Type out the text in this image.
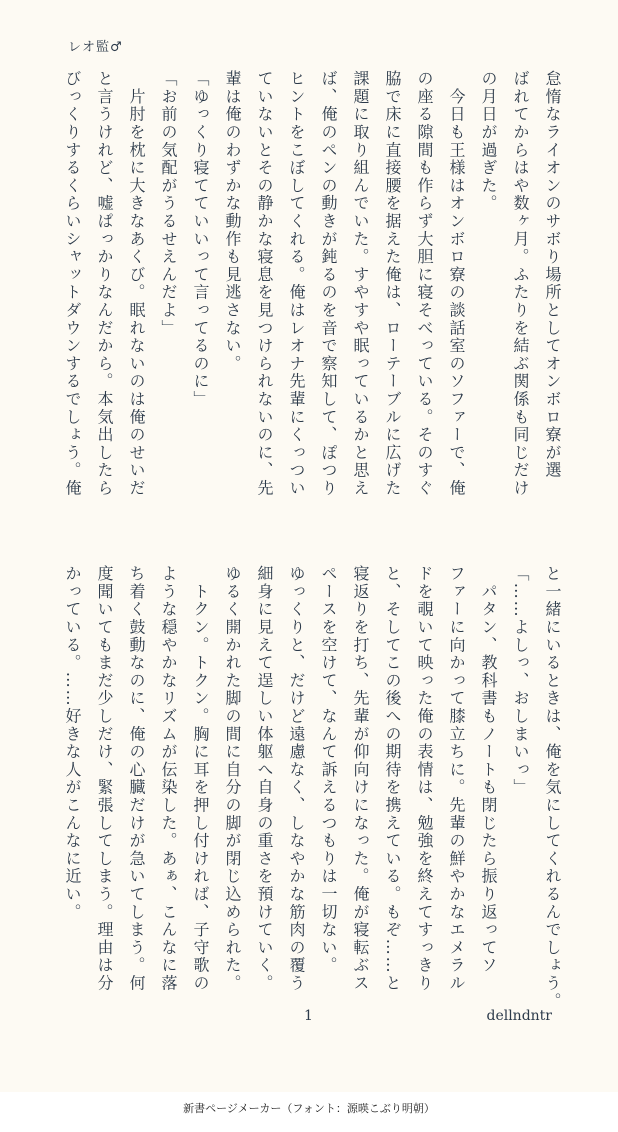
レオ監♂
怠惰なライオンのサボり場所としてオンボロ寮が選
ばれてからはや数ヶ月。ふたりを結ぶ関係も同じだけ
の月日が過ぎた。
　今日も王様はオンボロ寮の談話室のソファーで、俺
の座る隙間も作らず大胆に寝そべっている。そのすぐ
脇で床に直接腰を据えた俺は、ローテーブルに広げた
課題に取り組んでいた。すやすや眠っているかと思え
ば、俺のペンの動きが鈍るのを音で察知して、ぽつり
ヒントをこぼしてくれる。俺はレオナ先輩にくっつい
ていないとその静かな寝息を見つけられないのに、先
輩は俺のわずかな動作も見逃さない。
「ゆっくり寝てていいって言ってるのに」
「お前の気配がうるせえんだよ」
　片肘を枕に大きなあくび。眠れないのは俺のせいだ
と言うけれど、嘘ぱっかりなんだから。本気出したら
びっくりするくらいシャットダウンするでしょう。俺
と一緒にいるときは、俺を気にしてくれるんでしょう。
「……よしっ、おしまいっ」
　パタン、教科書もノートも閉じたら振り返ってソ
ファーに向かって膝立ちに。先輩の鮮やかなエメラル
ドを覗いて映った俺の表情は、勉強を終えてすっきり
と、そしてこの後への期待を携えている。もぞ……と
寝返りを打ち、先輩が仰向けになった。俺が寝転ぶス
ペースを空けて、なんて訴えるつもりは一切ない。
ゆっくりと、だけど遠慮なく、しなやかな筋肉の覆う
細身に見えて逞しい体躯へ自身の重さを預けていく。
ゆるく開かれた脚の間に自分の脚が閉じ込められた。
　トクン。トクン。胸に耳を押し付ければ、子守歌の
ような穏やかなリズムが伝染した。あぁ、こんなに落
ち着く鼓動なのに、俺の心臓だけが急いてしまう。何
度聞いてもまだ少しだけ、緊張してしまう。理由は分
かっている。……好きな人がこんなに近い。
1	dellndntr
新書ページメーカー（フォント：源暎こぶり明朝）
